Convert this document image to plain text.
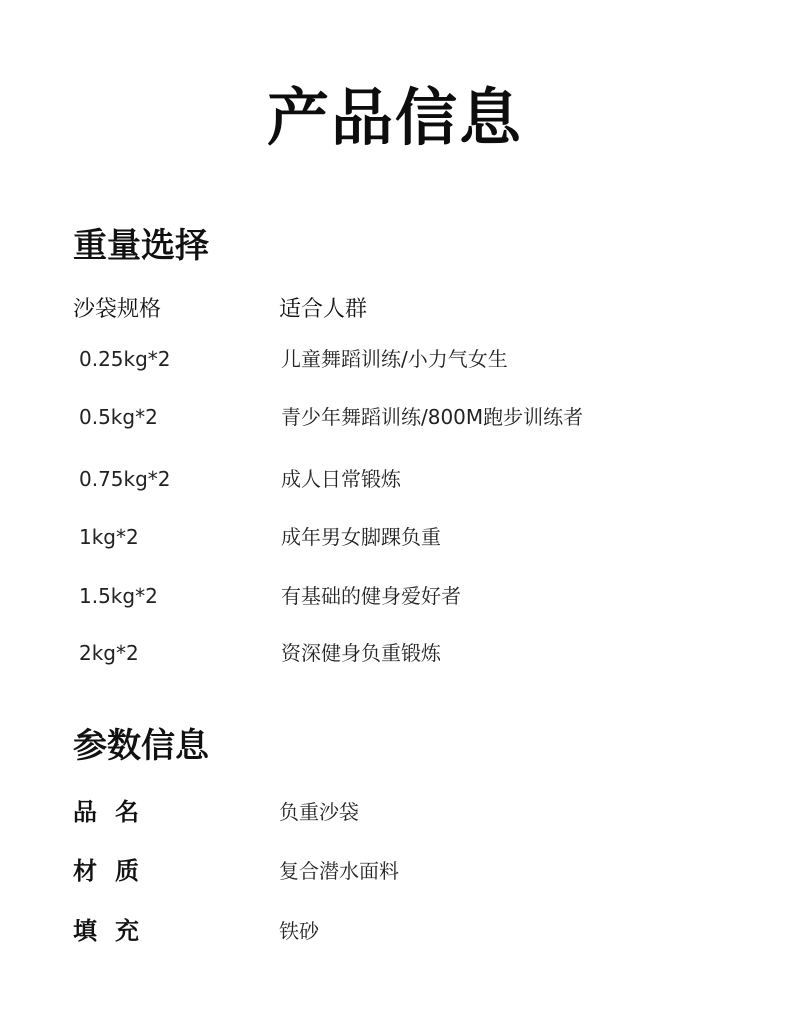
产品信息
重量选择
沙袋规格	适合人群
0.25kg*2	儿童舞蹈训练/小力气女生
0.5kg*2	青少年舞蹈训练/800M跑步训练者
0.75kg*2	成人日常锻炼
1kg*2	成年男女脚踝负重
1.5kg*2	有基础的健身爱好者
2kg*2	资深健身负重锻炼
参数信息
品名	负重沙袋
材质	复合潜水面料
填充	铁砂
